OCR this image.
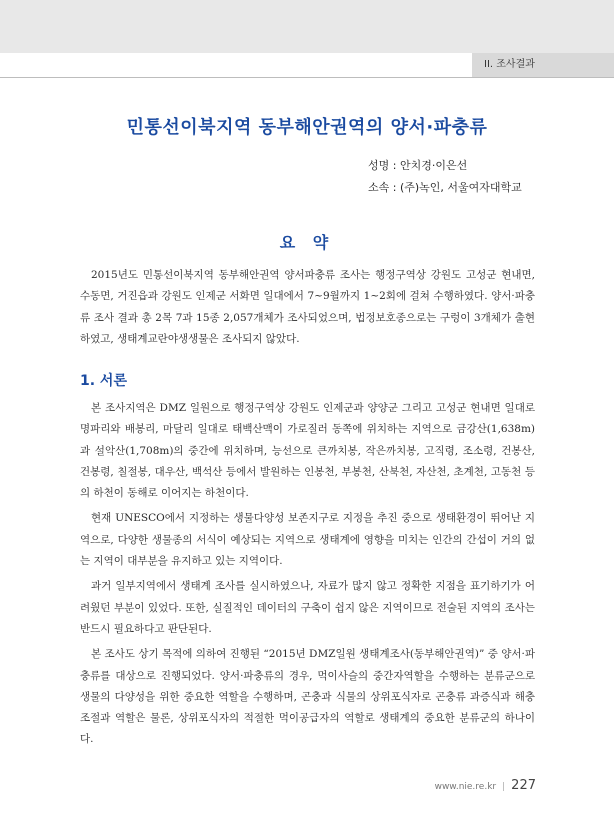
II. 조사결과
민통선이북지역 동부해안권역의 양서·파충류
성명 : 안치경·이은선
소속 : (주)녹인, 서울여자대학교
요 약

2015년도 민통선이북지역 동부해안권역 양서파충류 조사는 행정구역상 강원도 고성군 현내면, 수동면, 거진읍과 강원도 인제군 서화면 일대에서 7~9월까지 1~2회에 걸쳐 수행하였다. 양서·파충류 조사 결과 총 2목 7과 15종 2,057개체가 조사되었으며, 법정보호종으로는 구렁이 3개체가 출현하였고, 생태계교란야생생물은 조사되지 않았다.

1. 서론

본 조사지역은 DMZ 일원으로 행정구역상 강원도 인제군과 양양군 그리고 고성군 현내면 일대로 명파리와 배봉리, 마달리 일대로 태백산맥이 가로질러 동쪽에 위치하는 지역으로 금강산(1,638m)과 설악산(1,708m)의 중간에 위치하며, 능선으로 큰까치봉, 작은까치봉, 고직령, 조소령, 건봉산, 건봉령, 칠절봉, 대우산, 백석산 등에서 발원하는 인봉천, 부봉천, 산북천, 자산천, 초계천, 고동천 등의 하천이 동해로 이어지는 하천이다.

현재 UNESCO에서 지정하는 생물다양성 보존지구로 지정을 추진 중으로 생태환경이 뛰어난 지역으로, 다양한 생물종의 서식이 예상되는 지역으로 생태계에 영향을 미치는 인간의 간섭이 거의 없는 지역이 대부분을 유지하고 있는 지역이다.

과거 일부지역에서 생태계 조사를 실시하였으나, 자료가 많지 않고 정확한 지점을 표기하기가 어려웠던 부분이 있었다. 또한, 실질적인 데이터의 구축이 쉽지 않은 지역이므로 전술된 지역의 조사는 반드시 필요하다고 판단된다.

본 조사도 상기 목적에 의하여 진행된 “2015년 DMZ일원 생태계조사(동부해안권역)” 중 양서·파충류를 대상으로 진행되었다. 양서·파충류의 경우, 먹이사슬의 중간자역할을 수행하는 분류군으로 생물의 다양성을 위한 중요한 역할을 수행하며, 곤충과 식물의 상위포식자로 곤충류 과증식과 해충조절과 역할은 물론, 상위포식자의 적절한 먹이공급자의 역할로 생태계의 중요한 분류군의 하나이다.

www.nie.re.kr | 227
